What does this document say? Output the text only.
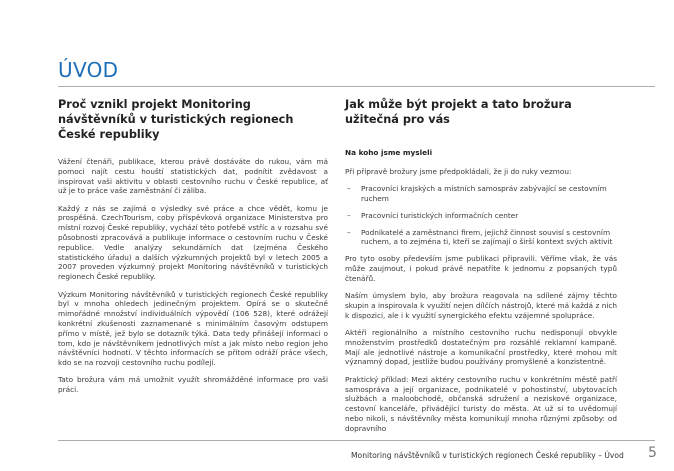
ÚVOD
Proč vznikl projekt Monitoring návštěvníků v turistických regionech České republiky

Vážení čtenáři, publikace, kterou právě dostáváte do rukou, vám má pomoci najít cestu houští statistických dat, podnítit zvědavost a inspirovat vaši aktivitu v oblasti cestovního ruchu v České republice, ať už je to práce vaše zaměstnání či záliba.

Každý z nás se zajímá o výsledky své práce a chce vědět, komu je prospěšná. CzechTourism, coby příspěvková organizace Ministerstva pro místní rozvoj České republiky, vychází této potřebě vstříc a v rozsahu své působnosti zpracovává a publikuje informace o cestovním ruchu v České republice. Vedle analýzy sekundárních dat (zejména Českého statistického úřadu) a dalších výzkumných projektů byl v letech 2005 a 2007 proveden výzkumný projekt Monitoring návštěvníků v turistických regionech České republiky.

Výzkum Monitoring návštěvníků v turistických regionech České republiky byl v mnoha ohledech jedinečným projektem. Opírá se o skutečně mimořádné množství individuálních výpovědí (106 528), které odrážejí konkrétní zkušenosti zaznamenané s minimálním časovým odstupem přímo v místě, jež bylo se dotazník týká. Data tedy přinášejí informaci o tom, kdo je návštěvníkem jednotlivých míst a jak místo nebo region jeho návštěvníci hodnotí. V těchto informacích se přitom odráží práce všech, kdo se na rozvoji cestovního ruchu podílejí.

Tato brožura vám má umožnit využít shromážděné informace pro vaši práci.

Jak může být projekt a tato brožura užitečná pro vás
Na koho jsme mysleli

Při přípravě brožury jsme předpokládali, že ji do ruky vezmou:

– Pracovníci krajských a místních samospráv zabývající se cestovním ruchem
– Pracovníci turistických informačních center
– Podnikatelé a zaměstnanci firem, jejichž činnost souvisí s cestovním ruchem, a to zejména ti, kteří se zajímají o širší kontext svých aktivit

Pro tyto osoby především jsme publikaci připravili. Věříme však, že vás může zaujmout, i pokud právě nepatříte k jednomu z popsaných typů čtenářů.

Naším úmyslem bylo, aby brožura reagovala na sdílené zájmy těchto skupin a inspirovala k využití nejen dílčích nástrojů, které má každá z nich k dispozici, ale i k využití synergického efektu vzájemné spolupráce.

Aktéři regionálního a místního cestovního ruchu nedisponují obvykle množenstvím prostředků dostatečným pro rozsáhlé reklamní kampaně. Mají ale jednotlivé nástroje a komunikační prostředky, které mohou mít významný dopad, jestliže budou používány promyšleně a konzistentně.

Praktický příklad: Mezi aktéry cestovního ruchu v konkrétním městě patří samospráva a její organizace, podnikatelé v pohostinství, ubytovacích službách a maloobchodě, občanská sdružení a neziskové organizace, cestovní kanceláře, přivádějící turisty do města. At už si to uvědomují nebo nikoli, s návštěvníky města komunikují mnoha různými způsoby: od dopravního

Monitoring návštěvníků v turistických regionech České republiky – Úvod 5
